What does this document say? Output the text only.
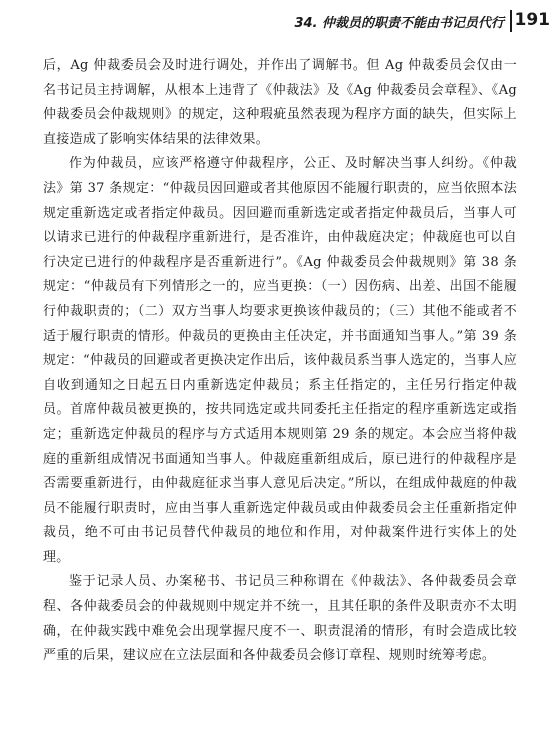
34. 仲裁员的职责不能由书记员代行 191

后，Ag 仲裁委员会及时进行调处，并作出了调解书。但 Ag 仲裁委员会仅由一名书记员主持调解，从根本上违背了《仲裁法》及《Ag 仲裁委员会章程》、《Ag 仲裁委员会仲裁规则》的规定，这种瑕疵虽然表现为程序方面的缺失，但实际上直接造成了影响实体结果的法律效果。

作为仲裁员，应该严格遵守仲裁程序，公正、及时解决当事人纠纷。《仲裁法》第 37 条规定：“仲裁员因回避或者其他原因不能履行职责的，应当依照本法规定重新选定或者指定仲裁员。因回避而重新选定或者指定仲裁员后，当事人可以请求已进行的仲裁程序重新进行，是否准许，由仲裁庭决定；仲裁庭也可以自行决定已进行的仲裁程序是否重新进行”。《Ag 仲裁委员会仲裁规则》第 38 条规定：“仲裁员有下列情形之一的，应当更换：（一）因伤病、出差、出国不能履行仲裁职责的；（二）双方当事人均要求更换该仲裁员的；（三）其他不能或者不适于履行职责的情形。仲裁员的更换由主任决定，并书面通知当事人。”第 39 条规定：“仲裁员的回避或者更换决定作出后，该仲裁员系当事人选定的，当事人应自收到通知之日起五日内重新选定仲裁员；系主任指定的，主任另行指定仲裁员。首席仲裁员被更换的，按共同选定或共同委托主任指定的程序重新选定或指定；重新选定仲裁员的程序与方式适用本规则第 29 条的规定。本会应当将仲裁庭的重新组成情况书面通知当事人。仲裁庭重新组成后，原已进行的仲裁程序是否需要重新进行，由仲裁庭征求当事人意见后决定。”所以，在组成仲裁庭的仲裁员不能履行职责时，应由当事人重新选定仲裁员或由仲裁委员会主任重新指定仲裁员，绝不可由书记员替代仲裁员的地位和作用，对仲裁案件进行实体上的处理。

鉴于记录人员、办案秘书、书记员三种称谓在《仲裁法》、各仲裁委员会章程、各仲裁委员会的仲裁规则中规定并不统一，且其任职的条件及职责亦不太明确，在仲裁实践中难免会出现掌握尺度不一、职责混淆的情形，有时会造成比较严重的后果，建议应在立法层面和各仲裁委员会修订章程、规则时统筹考虑。
